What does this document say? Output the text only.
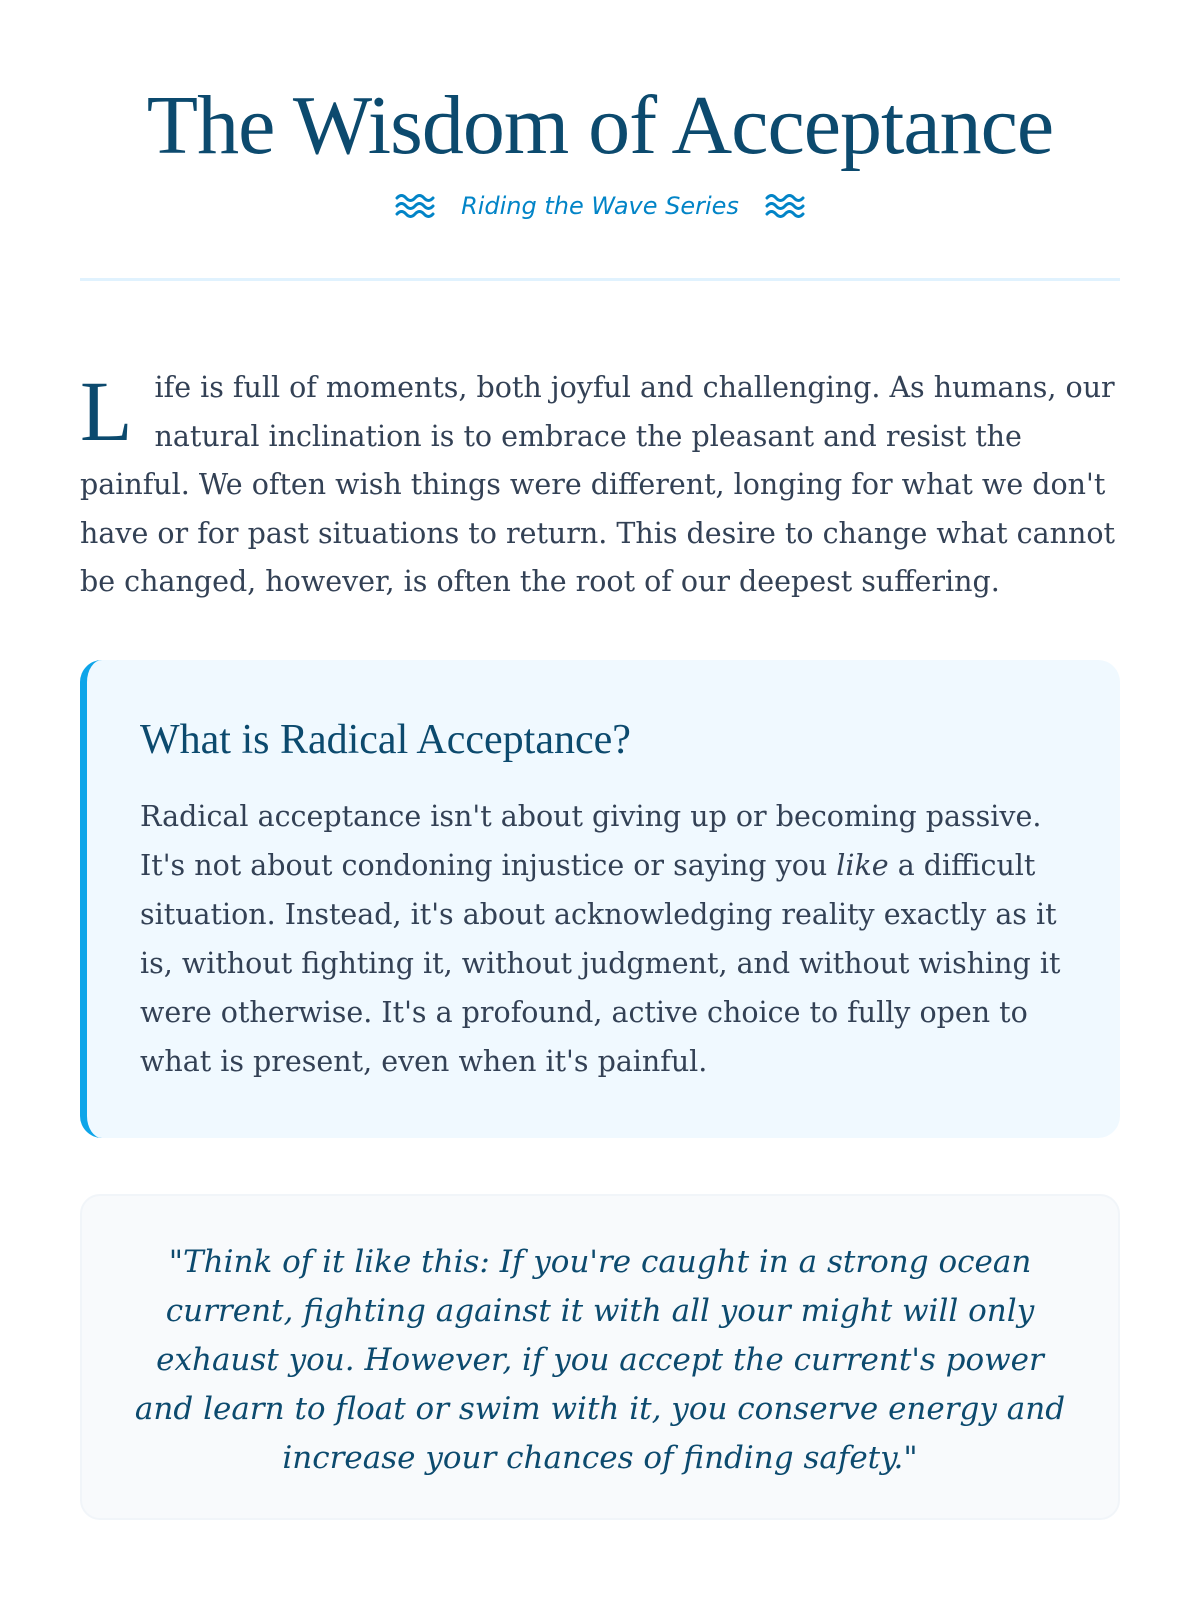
The Wisdom of Acceptance
Riding the Wave Series

Life is full of moments, both joyful and challenging. As humans, our natural inclination is to embrace the pleasant and resist the painful. We often wish things were different, longing for what we don't have or for past situations to return. This desire to change what cannot be changed, however, is often the root of our deepest suffering.

What is Radical Acceptance?

Radical acceptance isn't about giving up or becoming passive. It's not about condoning injustice or saying you like a difficult situation. Instead, it's about acknowledging reality exactly as it is, without fighting it, without judgment, and without wishing it were otherwise. It's a profound, active choice to fully open to what is present, even when it's painful.

"Think of it like this: If you're caught in a strong ocean current, fighting against it with all your might will only exhaust you. However, if you accept the current's power and learn to float or swim with it, you conserve energy and increase your chances of finding safety."
